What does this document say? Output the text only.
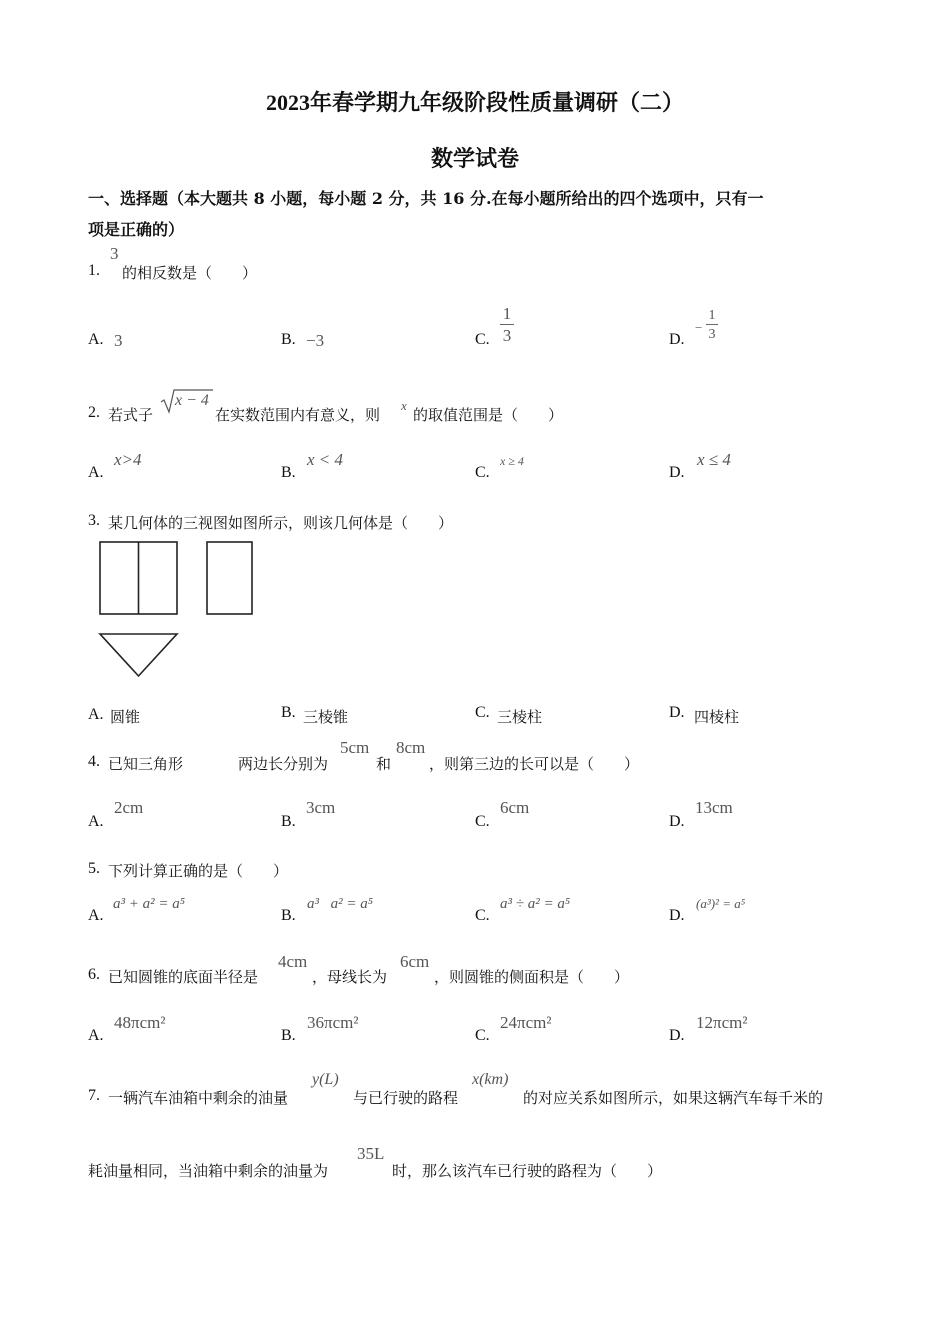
2023年春学期九年级阶段性质量调研（二）
数学试卷
一、选择题（本大题共 8 小题，每小题 2 分，共 16 分.在每小题所给出的四个选项中，只有一
项是正确的）
1.
3
的相反数是（　　）
A. 3	B. −3	C.
1
3	D.
−
1
3
2. 若式子
x − 4
在实数范围内有意义，则
x
的取值范围是（　　）
A.
x>4
B.
x < 4
C.
x ≥ 4
D.
x ≤ 4
3. 某几何体的三视图如图所示，则该几何体是（　　）
A. 圆锥	B. 三棱锥	C. 三棱柱	D. 四棱柱
4. 已知三角形	两边长分别为
5cm
和
8cm
，则第三边的长可以是（　　）
A.
2cm
B.
3cm
C.
6cm
D.
13cm
5. 下列计算正确的是（　　）
A.
a³ + a² = a⁵
B.
a³⃞a² = a⁵
C.
a³ ÷ a² = a⁵
D.
(a³)² = a⁵
6. 已知圆锥的底面半径是
4cm
，母线长为
6cm
，则圆锥的侧面积是（　　）
A.
48πcm²
B.
36πcm²
C.
24πcm²
D.
12πcm²
7. 一辆汽车油箱中剩余的油量
y(L)
与已行驶的路程
x(km)
的对应关系如图所示，如果这辆汽车每千米的
耗油量相同，当油箱中剩余的油量为
35L
时，那么该汽车已行驶的路程为（　　）
